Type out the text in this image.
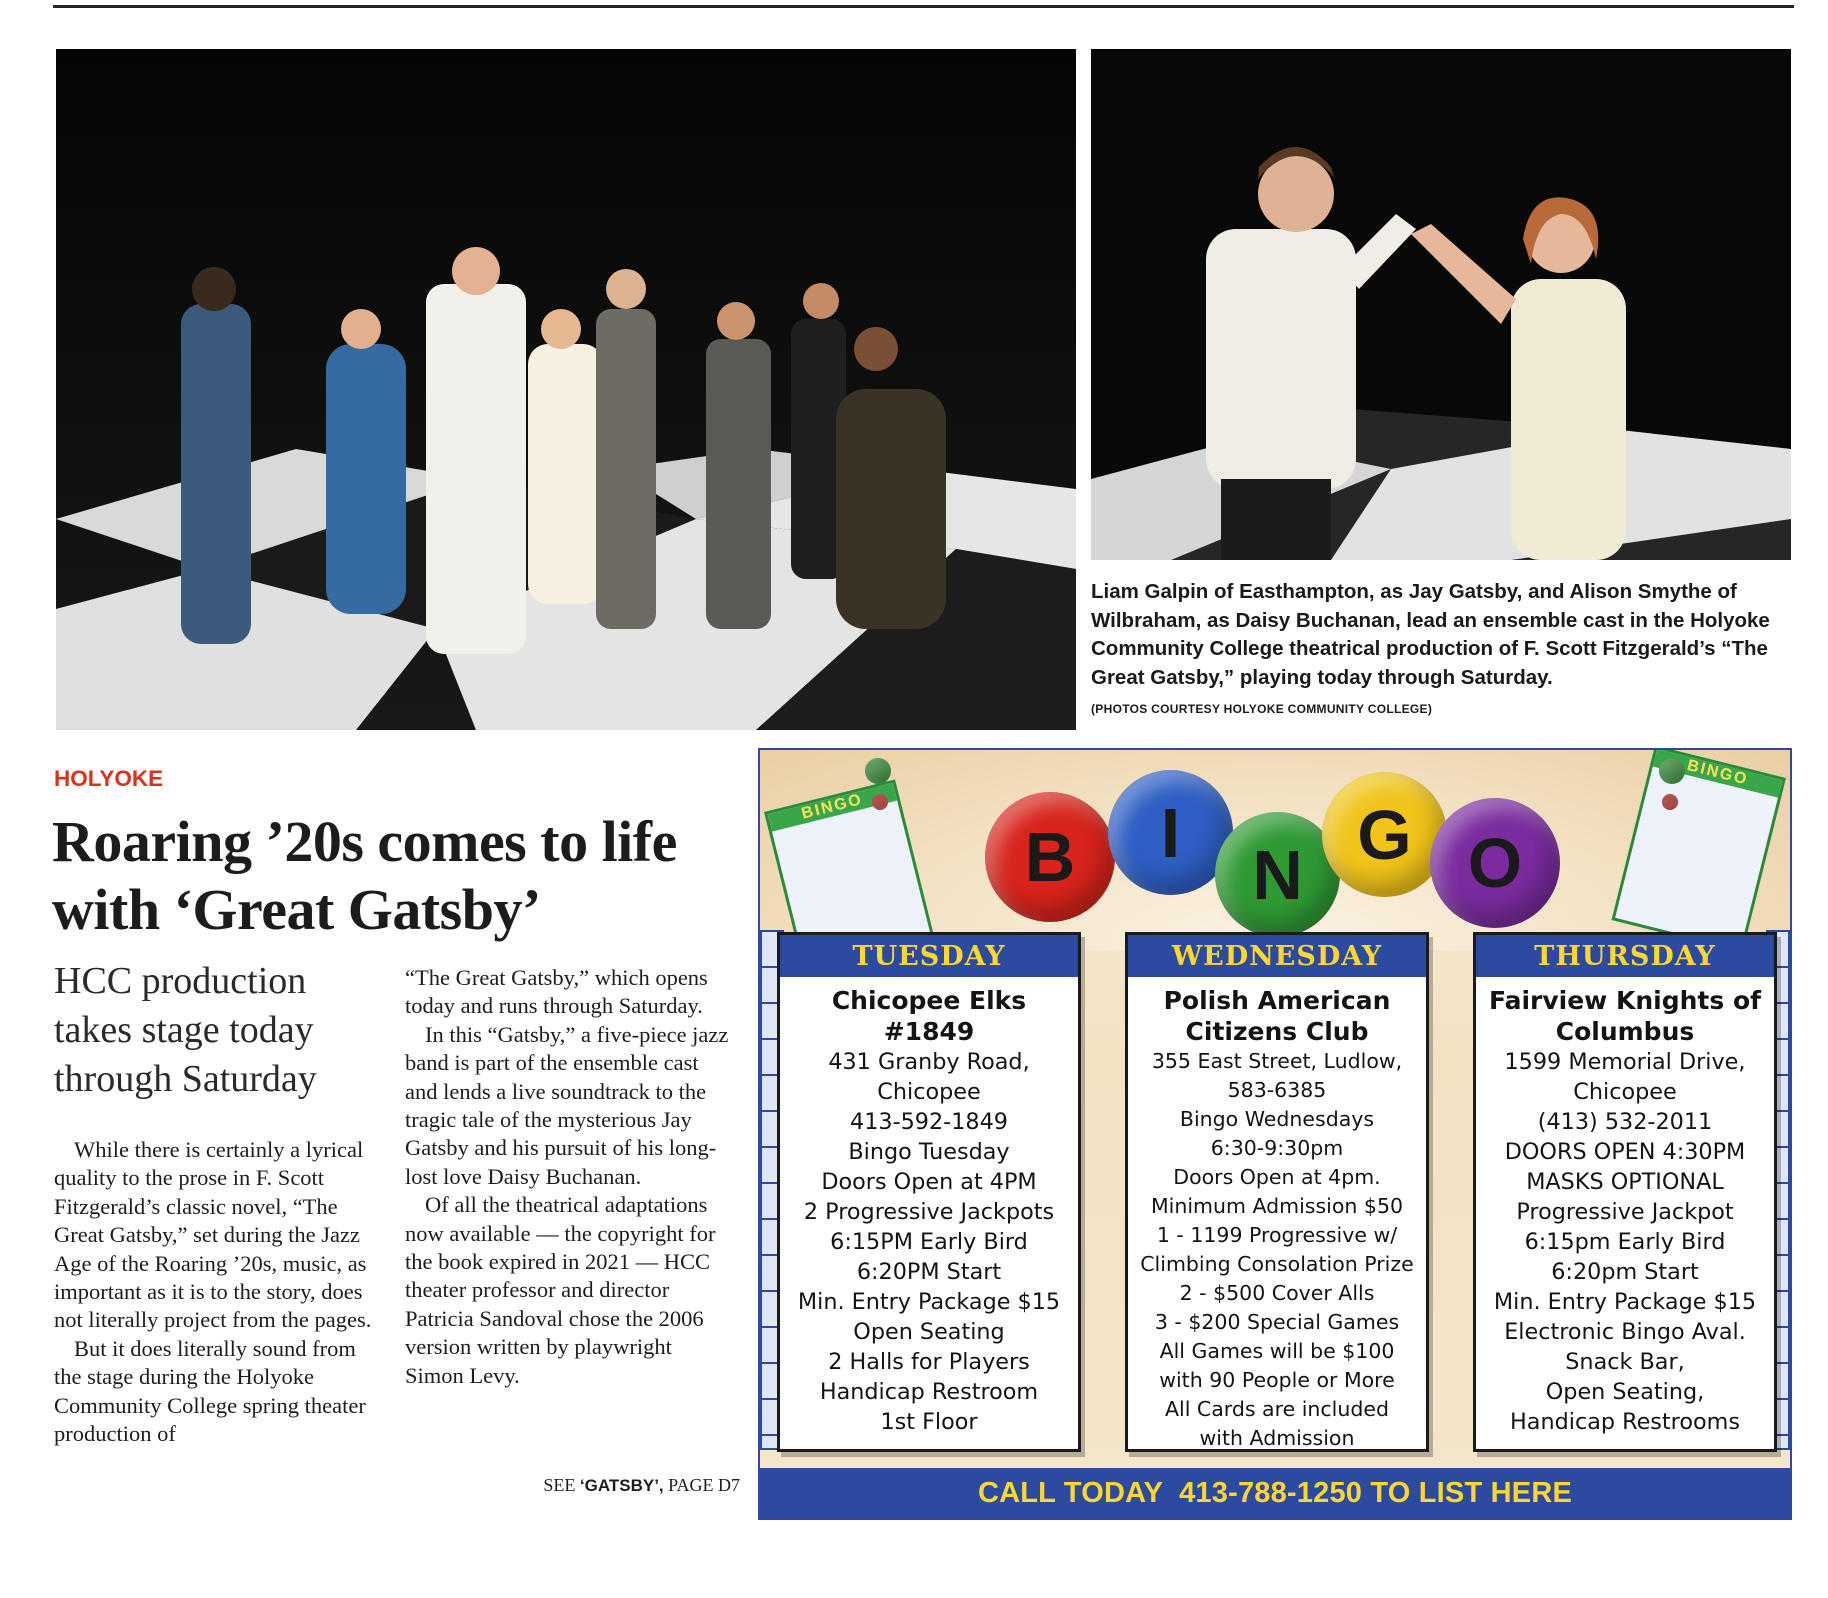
Liam Galpin of Easthampton, as Jay Gatsby, and Alison Smythe of Wilbraham, as Daisy Buchanan, lead an ensemble cast in the Holyoke Community College theatrical production of F. Scott Fitzgerald’s “The Great Gatsby,” playing today through Saturday.
(PHOTOS COURTESY HOLYOKE COMMUNITY COLLEGE)
HOLYOKE
Roaring ’20s comes to life with ‘Great Gatsby’
HCC production takes stage today through Saturday

While there is certainly a lyrical quality to the prose in F. Scott Fitzgerald’s classic novel, “The Great Gatsby,” set during the Jazz Age of the Roaring ’20s, music, as important as it is to the story, does not literally project from the pages.

But it does literally sound from the stage during the Holyoke Community College spring theater production of

“The Great Gatsby,” which opens today and runs through Saturday.

In this “Gatsby,” a five-piece jazz band is part of the ensemble cast and lends a live soundtrack to the tragic tale of the mysterious Jay Gatsby and his pursuit of his long-lost love Daisy Buchanan.

Of all the theatrical adaptations now available — the copyright for the book expired in 2021 — HCC theater professor and director Patricia Sandoval chose the 2006 version written by playwright Simon Levy.

SEE ‘GATSBY’, PAGE D7
BINGO
BINGO
B I
N
G O
TUESDAY
Chicopee Elks
#1849
431 Granby Road,
Chicopee
413-592-1849
Bingo Tuesday
Doors Open at 4PM
2 Progressive Jackpots
6:15PM Early Bird
6:20PM Start
Min. Entry Package $15
Open Seating
2 Halls for Players
Handicap Restroom
1st Floor
WEDNESDAY
Polish American
Citizens Club
355 East Street, Ludlow,
583-6385
Bingo Wednesdays
6:30-9:30pm
Doors Open at 4pm.
Minimum Admission $50
1 - 1199 Progressive w/
Climbing Consolation Prize
2 - $500 Cover Alls
3 - $200 Special Games
All Games will be $100
with 90 People or More
All Cards are included
with Admission
THURSDAY
Fairview Knights of
Columbus
1599 Memorial Drive,
Chicopee
(413) 532-2011
DOORS OPEN 4:30PM
MASKS OPTIONAL
Progressive Jackpot
6:15pm Early Bird
6:20pm Start
Min. Entry Package $15
Electronic Bingo Aval.
Snack Bar,
Open Seating,
Handicap Restrooms
CALL TODAY  413-788-1250 TO LIST HERE
